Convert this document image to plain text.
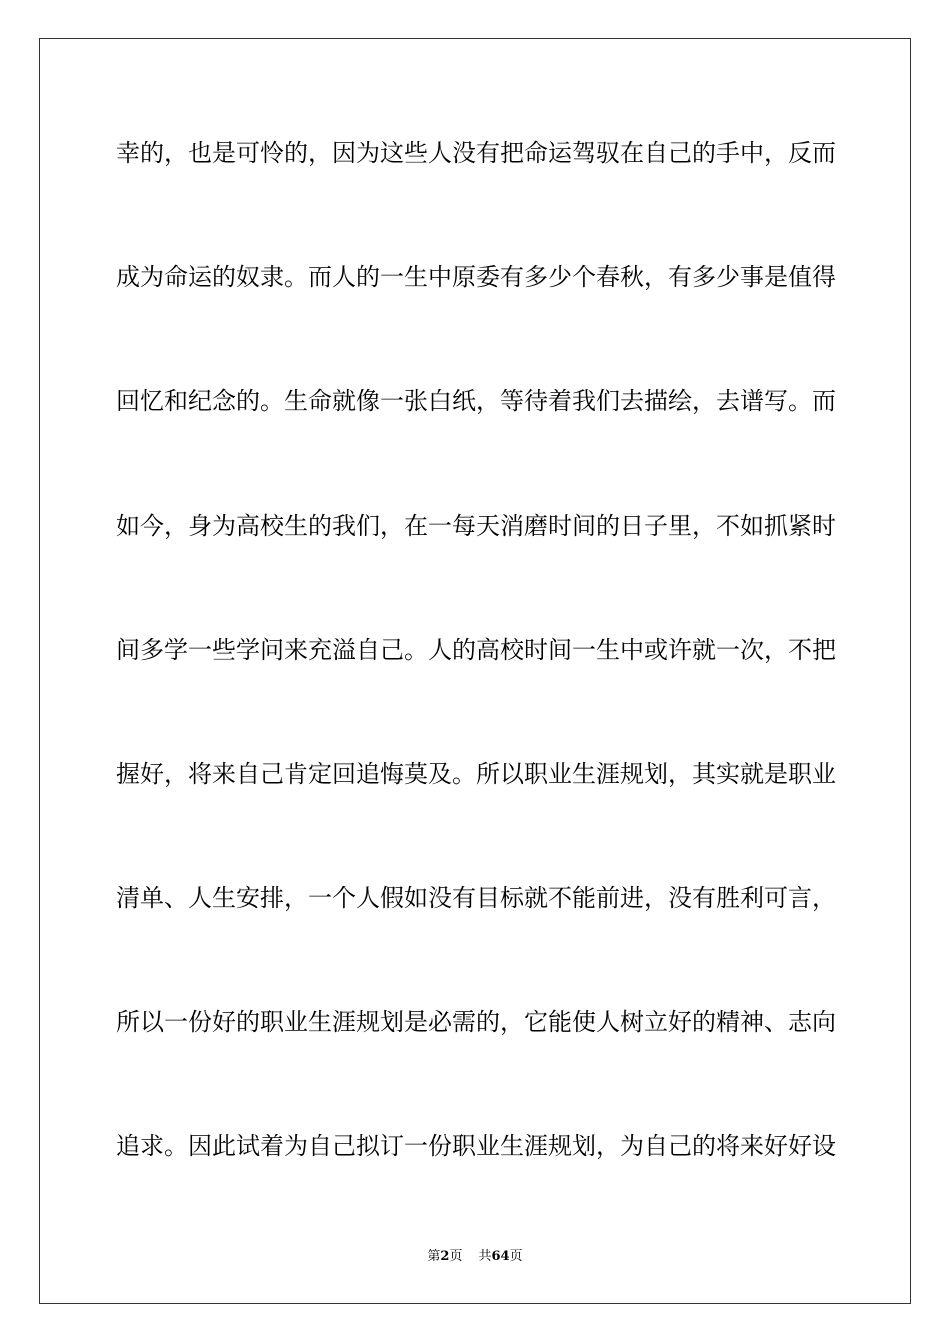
幸的，也是可怜的，因为这些人没有把命运驾驭在自己的手中，反而
成为命运的奴隶。而人的一生中原委有多少个春秋，有多少事是值得
回忆和纪念的。生命就像一张白纸，等待着我们去描绘，去谱写。而
如今，身为高校生的我们，在一每天消磨时间的日子里，不如抓紧时
间多学一些学问来充溢自己。人的高校时间一生中或许就一次，不把
握好，将来自己肯定回追悔莫及。所以职业生涯规划，其实就是职业
清单、人生安排，一个人假如没有目标就不能前进，没有胜利可言，
所以一份好的职业生涯规划是必需的，它能使人树立好的精神、志向
追求。因此试着为自己拟订一份职业生涯规划，为自己的将来好好设
第2页 共64页
